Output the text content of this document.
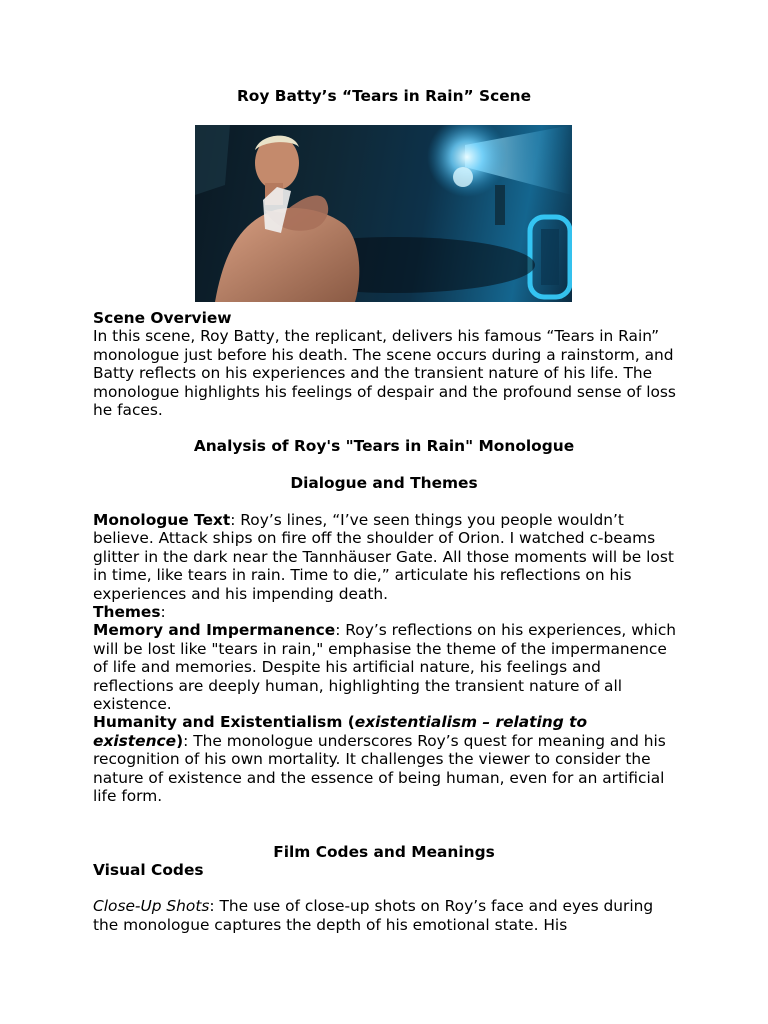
Roy Batty’s “Tears in Rain” Scene

Scene Overview

In this scene, Roy Batty, the replicant, delivers his famous “Tears in Rain” monologue just before his death. The scene occurs during a rainstorm, and Batty reflects on his experiences and the transient nature of his life. The monologue highlights his feelings of despair and the profound sense of loss he faces.

Analysis of Roy's "Tears in Rain" Monologue
Dialogue and Themes

Monologue Text: Roy’s lines, “I’ve seen things you people wouldn’t believe. Attack ships on fire off the shoulder of Orion. I watched c-beams glitter in the dark near the Tannhäuser Gate. All those moments will be lost in time, like tears in rain. Time to die,” articulate his reflections on his experiences and his impending death.

Themes:

Memory and Impermanence: Roy’s reflections on his experiences, which will be lost like "tears in rain," emphasise the theme of the impermanence of life and memories. Despite his artificial nature, his feelings and reflections are deeply human, highlighting the transient nature of all existence.

Humanity and Existentialism (existentialism – relating to existence): The monologue underscores Roy’s quest for meaning and his recognition of his own mortality. It challenges the viewer to consider the nature of existence and the essence of being human, even for an artificial life form.

Film Codes and Meanings

Visual Codes

Close-Up Shots: The use of close-up shots on Roy’s face and eyes during the monologue captures the depth of his emotional state. His
